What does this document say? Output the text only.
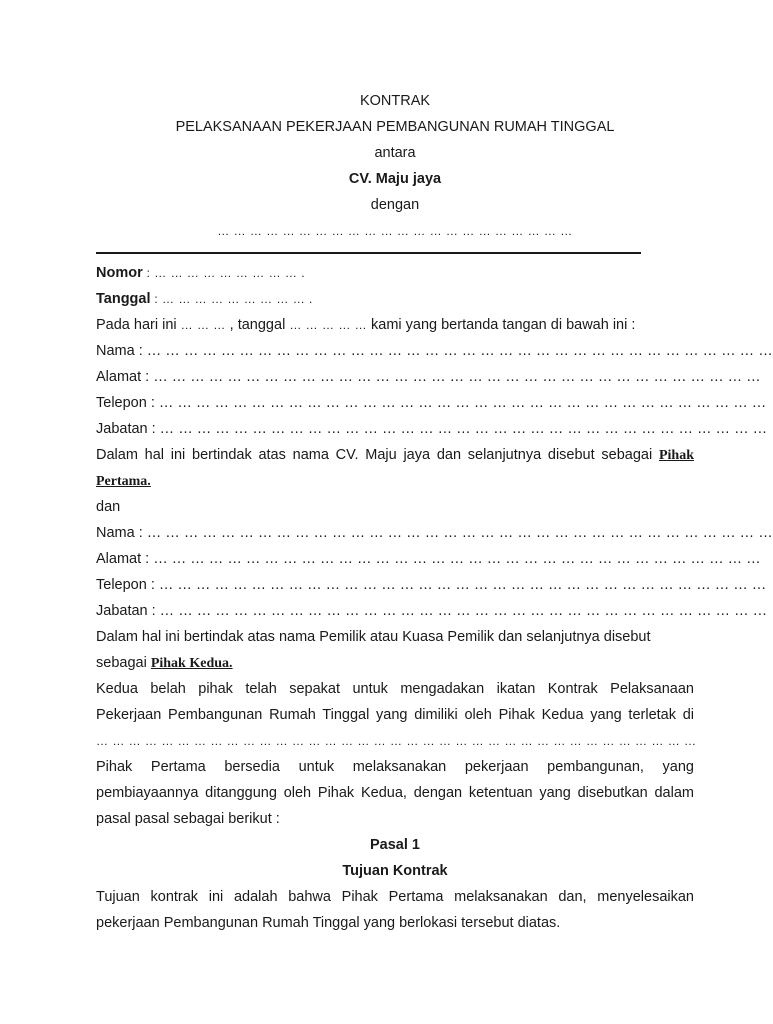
KONTRAK
PELAKSANAAN PEKERJAAN PEMBANGUNAN RUMAH TINGGAL
antara
CV. Maju jaya
dengan
… … … … … … … … … … … … … … … … … … … … … …
Nomor : … … … … … … … … … .
Tanggal : … … … … … … … … … .
Pada hari ini … … … , tanggal … … … … … kami yang bertanda tangan di bawah ini :
Nama : … … … … … … … … … … … … … … … … … … … … … … … … … … … … … … … … … …
Alamat : … … … … … … … … … … … … … … … … … … … … … … … … … … … … … … … … …
Telepon : … … … … … … … … … … … … … … … … … … … … … … … … … … … … … … … … …
Jabatan : … … … … … … … … … … … … … … … … … … … … … … … … … … … … … … … … …
Dalam hal ini bertindak atas nama CV. Maju jaya dan selanjutnya disebut sebagai Pihak
Pertama.
dan
Nama : … … … … … … … … … … … … … … … … … … … … … … … … … … … … … … … … … …
Alamat : … … … … … … … … … … … … … … … … … … … … … … … … … … … … … … … … …
Telepon : … … … … … … … … … … … … … … … … … … … … … … … … … … … … … … … … …
Jabatan : … … … … … … … … … … … … … … … … … … … … … … … … … … … … … … … … …
Dalam hal ini bertindak atas nama Pemilik atau Kuasa Pemilik dan selanjutnya disebut
sebagai Pihak Kedua.
Kedua belah pihak telah sepakat untuk mengadakan ikatan Kontrak Pelaksanaan
Pekerjaan Pembangunan Rumah Tinggal yang dimiliki oleh Pihak Kedua yang terletak di
… … … … … … … … … … … … … … … … … … … … … … … … … … … … … … … … … … … … …
Pihak Pertama bersedia untuk melaksanakan pekerjaan pembangunan, yang
pembiayaannya ditanggung oleh Pihak Kedua, dengan ketentuan yang disebutkan dalam
pasal pasal sebagai berikut :
Pasal 1
Tujuan Kontrak
Tujuan kontrak ini adalah bahwa Pihak Pertama melaksanakan dan, menyelesaikan
pekerjaan Pembangunan Rumah Tinggal yang berlokasi tersebut diatas.
